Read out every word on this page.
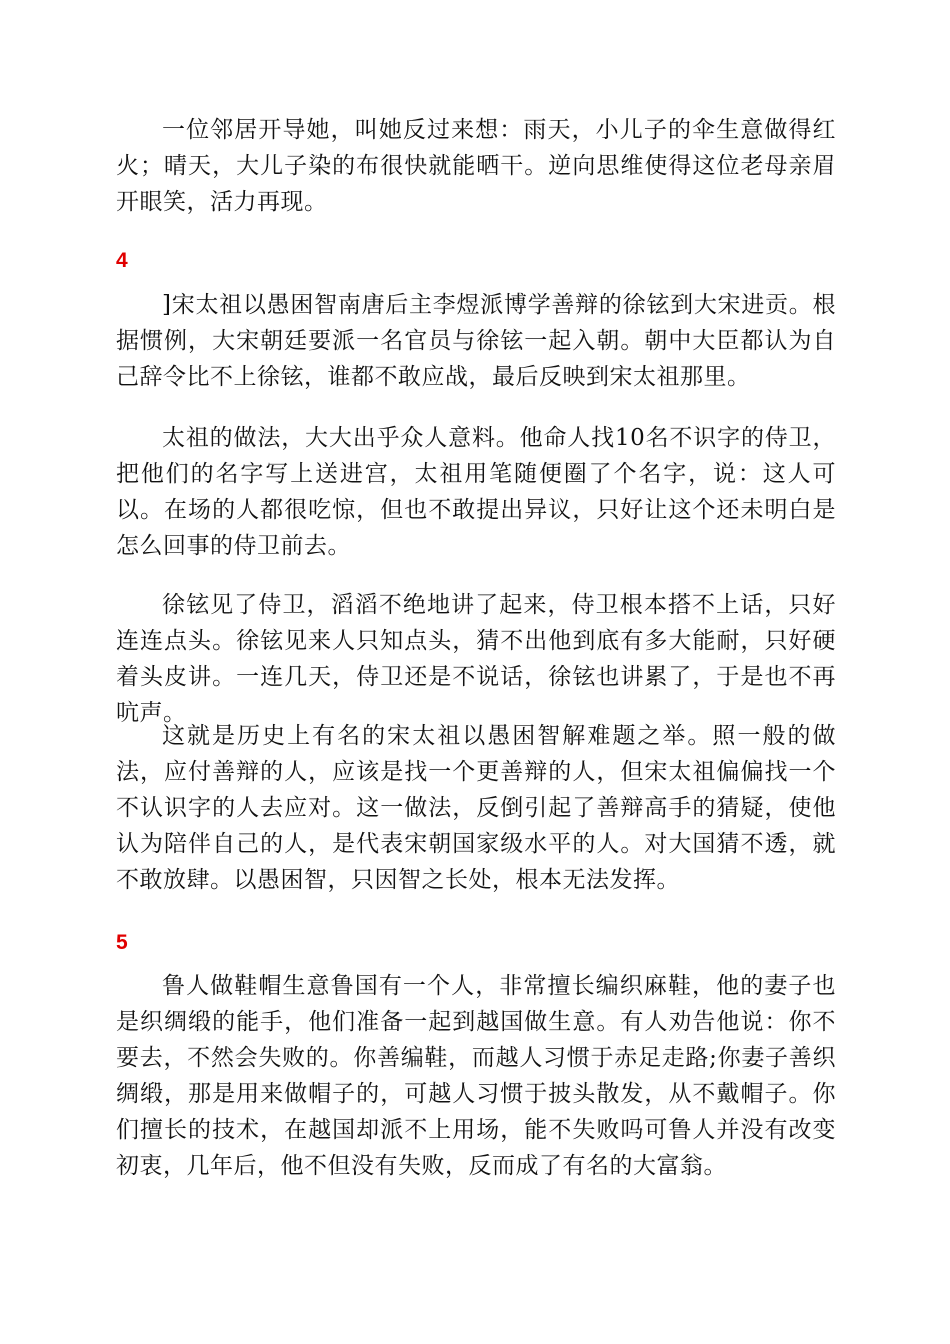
一位邻居开导她，叫她反过来想：雨天，小儿子的伞生意做得红火；晴天，大儿子染的布很快就能晒干。逆向思维使得这位老母亲眉开眼笑，活力再现。

4

]宋太祖以愚困智南唐后主李煜派博学善辩的徐铉到大宋进贡。根据惯例，大宋朝廷要派一名官员与徐铉一起入朝。朝中大臣都认为自己辞令比不上徐铉，谁都不敢应战，最后反映到宋太祖那里。

太祖的做法，大大出乎众人意料。他命人找10名不识字的侍卫，把他们的名字写上送进宫，太祖用笔随便圈了个名字，说：这人可以。在场的人都很吃惊，但也不敢提出异议，只好让这个还未明白是怎么回事的侍卫前去。

徐铉见了侍卫，滔滔不绝地讲了起来，侍卫根本搭不上话，只好连连点头。徐铉见来人只知点头，猜不出他到底有多大能耐，只好硬着头皮讲。一连几天，侍卫还是不说话，徐铉也讲累了，于是也不再吭声。

这就是历史上有名的宋太祖以愚困智解难题之举。照一般的做法，应付善辩的人，应该是找一个更善辩的人，但宋太祖偏偏找一个不认识字的人去应对。这一做法，反倒引起了善辩高手的猜疑，使他认为陪伴自己的人，是代表宋朝国家级水平的人。对大国猜不透，就不敢放肆。以愚困智，只因智之长处，根本无法发挥。

5

鲁人做鞋帽生意鲁国有一个人，非常擅长编织麻鞋，他的妻子也是织绸缎的能手，他们准备一起到越国做生意。有人劝告他说：你不要去，不然会失败的。你善编鞋，而越人习惯于赤足走路;你妻子善织绸缎，那是用来做帽子的，可越人习惯于披头散发，从不戴帽子。你们擅长的技术，在越国却派不上用场，能不失败吗可鲁人并没有改变初衷，几年后，他不但没有失败，反而成了有名的大富翁。
